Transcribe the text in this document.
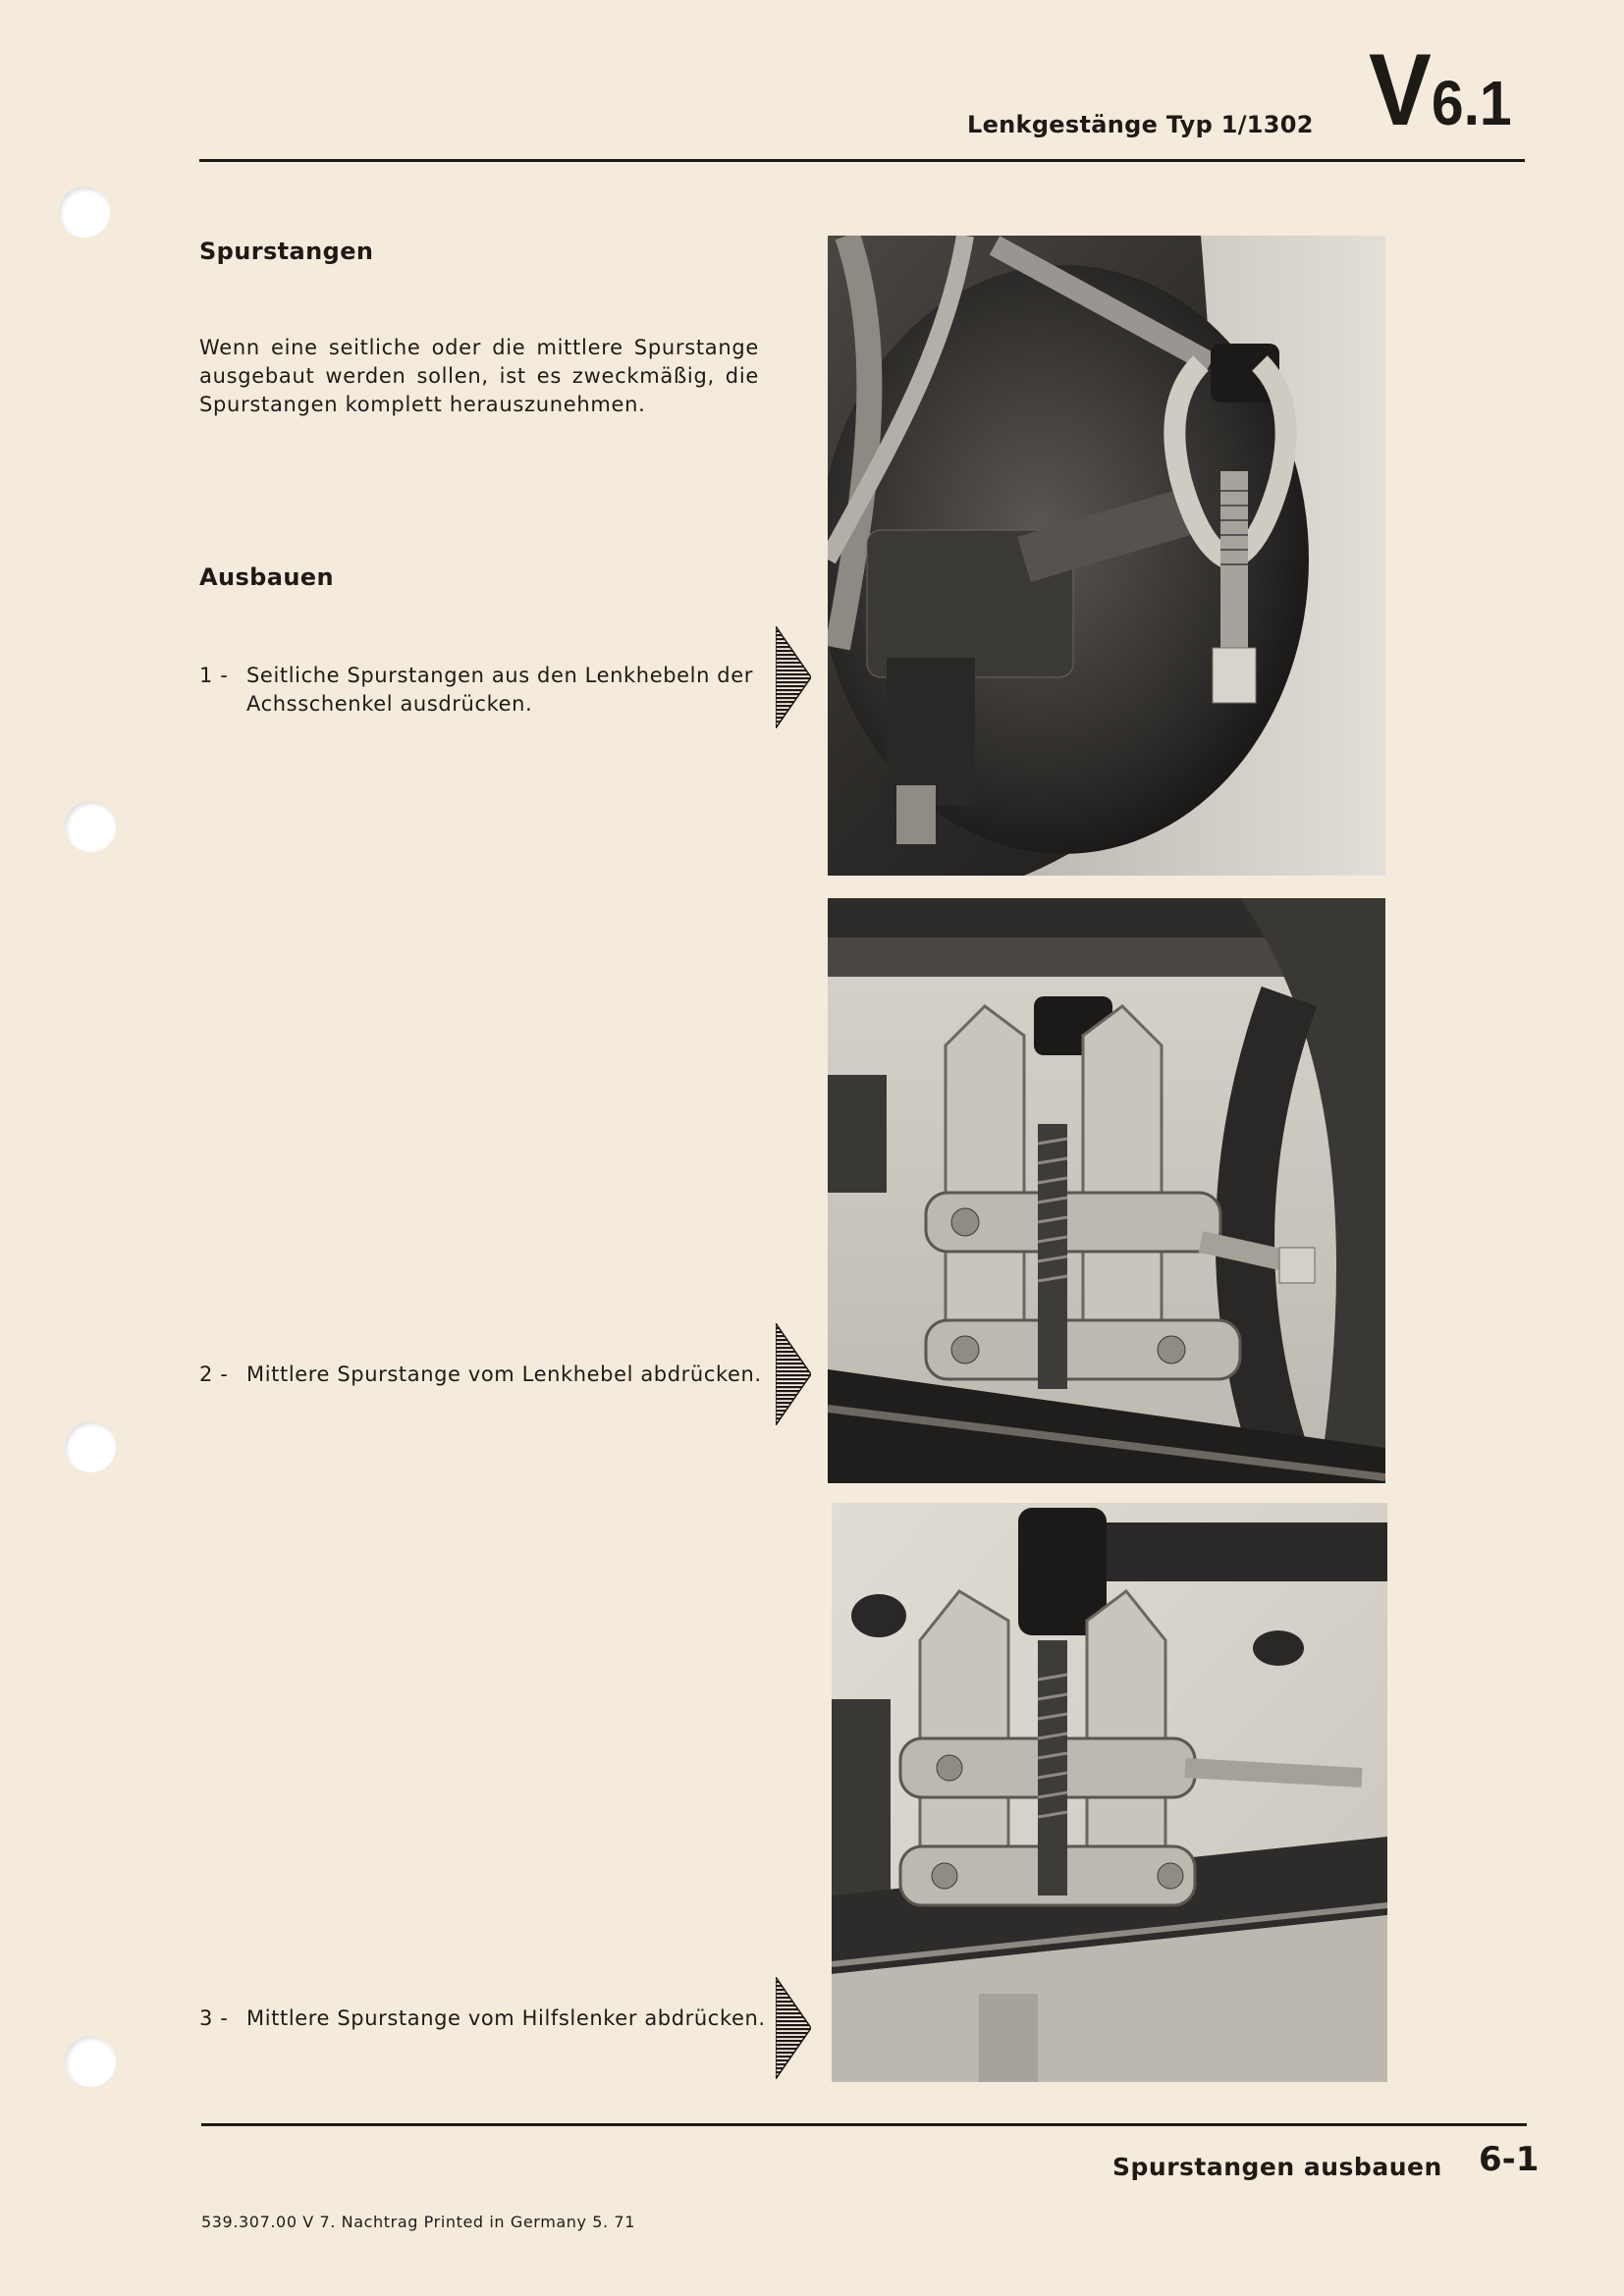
Lenkgestänge Typ 1/1302 V6.1
Spurstangen
Wenn eine seitliche oder die mittlere Spurstange ausgebaut werden sollen, ist es zweckmäßig, die Spurstangen komplett herauszunehmen.
Ausbauen
1 - Seitliche Spurstangen aus den Lenkhebeln der
Achsschenkel ausdrücken.
2 - Mittlere Spurstange vom Lenkhebel abdrücken.
3 - Mittlere Spurstange vom Hilfslenker abdrücken.
Spurstangen ausbauen 6-1
539.307.00 V 7. Nachtrag Printed in Germany 5. 71
